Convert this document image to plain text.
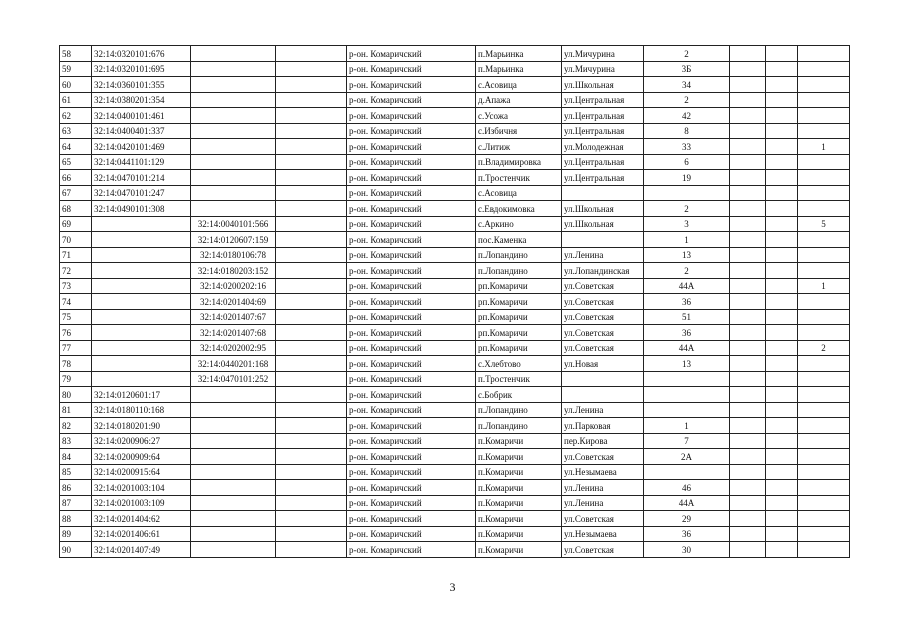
58	32:14:0320101:676			р-он. Комаричский	п.Марьинка	ул.Мичурина	2			
59	32:14:0320101:695			р-он. Комаричский	п.Марьинка	ул.Мичурина	3Б			
60	32:14:0360101:355			р-он. Комаричский	с.Асовица	ул.Школьная	34			
61	32:14:0380201:354			р-он. Комаричский	д.Апажа	ул.Центральная	2			
62	32:14:0400101:461			р-он. Комаричский	с.Усожа	ул.Центральная	42			
63	32:14:0400401:337			р-он. Комаричский	с.Избичня	ул.Центральная	8			
64	32:14:0420101:469			р-он. Комаричский	с.Литиж	ул.Молодежная	33			1
65	32:14:0441101:129			р-он. Комаричский	п.Владимировка	ул.Центральная	6			
66	32:14:0470101:214			р-он. Комаричский	п.Тростенчик	ул.Центральная	19			
67	32:14:0470101:247			р-он. Комаричский	с.Асовица					
68	32:14:0490101:308			р-он. Комаричский	с.Евдокимовка	ул.Школьная	2			
69		32:14:0040101:566		р-он. Комаричский	с.Аркино	ул.Школьная	3			5
70		32:14:0120607:159		р-он. Комаричский	пос.Каменка		1			
71		32:14:0180106:78		р-он. Комаричский	п.Лопандино	ул.Ленина	13			
72		32:14:0180203:152		р-он. Комаричский	п.Лопандино	ул.Лопандинская	2			
73		32:14:0200202:16		р-он. Комаричский	рп.Комаричи	ул.Советская	44А			1
74		32:14:0201404:69		р-он. Комаричский	рп.Комаричи	ул.Советская	36			
75		32:14:0201407:67		р-он. Комаричский	рп.Комаричи	ул.Советская	51			
76		32:14:0201407:68		р-он. Комаричский	рп.Комаричи	ул.Советская	36			
77		32:14:0202002:95		р-он. Комаричский	рп.Комаричи	ул.Советская	44А			2
78		32:14:0440201:168		р-он. Комаричский	с.Хлебтово	ул.Новая	13			
79		32:14:0470101:252		р-он. Комаричский	п.Тростенчик					
80	32:14:0120601:17			р-он. Комаричский	с.Бобрик					
81	32:14:0180110:168			р-он. Комаричский	п.Лопандино	ул.Ленина				
82	32:14:0180201:90			р-он. Комаричский	п.Лопандино	ул.Парковая	1			
83	32:14:0200906:27			р-он. Комаричский	п.Комаричи	пер.Кирова	7			
84	32:14:0200909:64			р-он. Комаричский	п.Комаричи	ул.Советская	2А			
85	32:14:0200915:64			р-он. Комаричский	п.Комаричи	ул.Незымаева				
86	32:14:0201003:104			р-он. Комаричский	п.Комаричи	ул.Ленина	46			
87	32:14:0201003:109			р-он. Комаричский	п.Комаричи	ул.Ленина	44А			
88	32:14:0201404:62			р-он. Комаричский	п.Комаричи	ул.Советская	29			
89	32:14:0201406:61			р-он. Комаричский	п.Комаричи	ул.Незымаева	36			
90	32:14:0201407:49			р-он. Комаричский	п.Комаричи	ул.Советская	30			
3
